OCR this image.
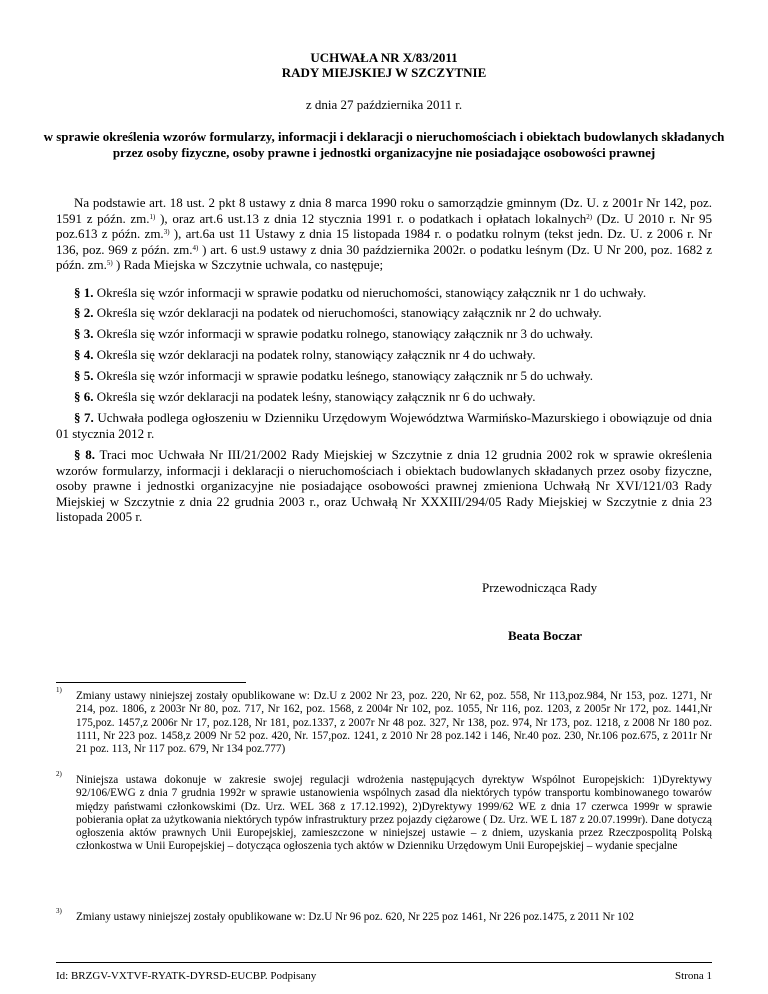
UCHWAŁA NR X/83/2011
RADY MIEJSKIEJ W SZCZYTNIE
z dnia 27 października 2011 r.
w sprawie określenia wzorów formularzy, informacji i deklaracji o nieruchomościach i obiektach budowlanych składanych przez osoby fizyczne, osoby prawne i jednostki organizacyjne nie posiadające osobowości prawnej
Na podstawie art. 18 ust. 2 pkt 8 ustawy z dnia 8 marca 1990 roku o samorządzie gminnym (Dz. U. z 2001r Nr 142, poz. 1591 z późn. zm.$^{1)}$ ), oraz art.6 ust.13 z dnia 12 stycznia 1991 r. o podatkach i opłatach lokalnych$^{2)}$ (Dz. U 2010 r. Nr 95 poz.613 z późn. zm.$^{3)}$ ), art.6a ust 11 Ustawy z dnia 15 listopada 1984 r. o podatku rolnym (tekst jedn. Dz. U. z 2006 r. Nr 136, poz. 969 z późn. zm.$^{4)}$ ) art. 6 ust.9 ustawy z dnia 30 października 2002r. o podatku leśnym (Dz. U Nr 200, poz. 1682 z późn. zm.$^{5)}$ ) Rada Miejska w Szczytnie uchwala, co następuje;
§ 1. Określa się wzór informacji w sprawie podatku od nieruchomości, stanowiący załącznik nr 1 do uchwały.
§ 2. Określa się wzór deklaracji na podatek od nieruchomości, stanowiący załącznik nr 2 do uchwały.
§ 3. Określa się wzór informacji w sprawie podatku rolnego, stanowiący załącznik nr 3 do uchwały.
§ 4. Określa się wzór deklaracji na podatek rolny, stanowiący załącznik nr 4 do uchwały.
§ 5. Określa się wzór informacji w sprawie podatku leśnego, stanowiący załącznik nr 5 do uchwały.
§ 6. Określa się wzór deklaracji na podatek leśny, stanowiący załącznik nr 6 do uchwały.
§ 7. Uchwała podlega ogłoszeniu w Dzienniku Urzędowym Województwa Warmińsko-Mazurskiego i obowiązuje od dnia 01 stycznia 2012 r.
§ 8. Traci moc Uchwała Nr III/21/2002 Rady Miejskiej w Szczytnie z dnia 12 grudnia 2002 rok w sprawie określenia wzorów formularzy, informacji i deklaracji o nieruchomościach i obiektach budowlanych składanych przez osoby fizyczne, osoby prawne i jednostki organizacyjne nie posiadające osobowości prawnej zmieniona Uchwałą Nr XVI/121/03 Rady Miejskiej w Szczytnie z dnia 22 grudnia 2003 r., oraz Uchwałą Nr XXXIII/294/05 Rady Miejskiej w Szczytnie z dnia 23 listopada 2005 r.
Przewodnicząca Rady
Beata Boczar
1)	Zmiany ustawy niniejszej zostały opublikowane w: Dz.U z 2002 Nr 23, poz. 220, Nr 62, poz. 558, Nr 113,poz.984, Nr 153, poz. 1271, Nr 214, poz. 1806, z 2003r Nr 80, poz. 717, Nr 162, poz. 1568, z 2004r Nr 102, poz. 1055, Nr 116, poz. 1203, z 2005r Nr 172, poz. 1441,Nr 175,poz. 1457,z 2006r Nr 17, poz.128, Nr 181, poz.1337, z 2007r Nr 48 poz. 327, Nr 138, poz. 974, Nr 173, poz. 1218, z 2008 Nr 180 poz. 1111, Nr 223 poz. 1458,z 2009 Nr 52 poz. 420, Nr. 157,poz. 1241, z 2010 Nr 28 poz.142 i 146, Nr.40 poz. 230, Nr.106 poz.675, z 2011r Nr 21 poz. 113, Nr 117 poz. 679, Nr 134 poz.777)
2)	Niniejsza ustawa dokonuje w zakresie swojej regulacji wdrożenia następujących dyrektyw Wspólnot Europejskich: 1)Dyrektywy 92/106/EWG z dnia 7 grudnia 1992r w sprawie ustanowienia wspólnych zasad dla niektórych typów transportu kombinowanego towarów między państwami członkowskimi (Dz. Urz. WEL 368 z 17.12.1992), 2)Dyrektywy 1999/62 WE z dnia 17 czerwca 1999r w sprawie pobierania opłat za użytkowania niektórych typów infrastruktury przez pojazdy ciężarowe ( Dz. Urz. WE L 187 z 20.07.1999r). Dane dotyczą ogłoszenia aktów prawnych Unii Europejskiej, zamieszczone w niniejszej ustawie – z dniem, uzyskania przez Rzeczpospolitą Polską członkostwa w Unii Europejskiej – dotycząca ogłoszenia tych aktów w Dzienniku Urzędowym Unii Europejskiej – wydanie specjalne
3)	Zmiany ustawy niniejszej zostały opublikowane w: Dz.U Nr 96 poz. 620, Nr 225 poz 1461, Nr 226 poz.1475, z 2011 Nr 102
Id: BRZGV-VXTVF-RYATK-DYRSD-EUCBP. Podpisany	Strona 1
